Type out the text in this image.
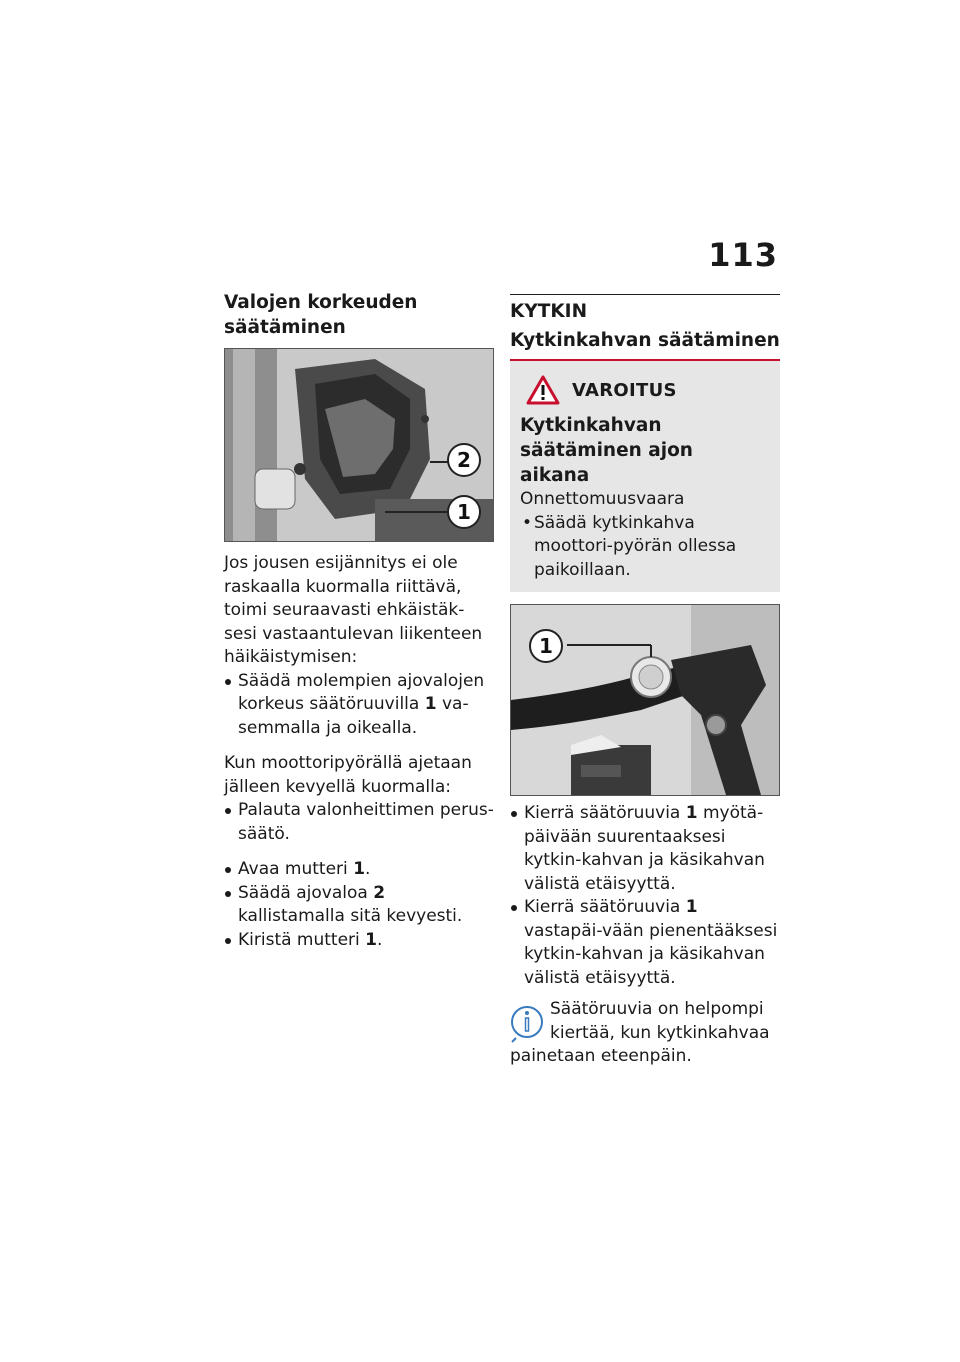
113
Valojen korkeuden säätäminen
2
1

Jos jousen esijännitys ei ole raskaalla kuormalla riittävä, toimi seuraavasti ehkäistäk-sesi vastaantulevan liikenteen häikäistymisen:

Säädä molempien ajovalojen korkeus säätöruuvilla 1 va-semmalla ja oikealla.

Kun moottoripyörällä ajetaan jälleen kevyellä kuormalla:

Palauta valonheittimen perus-säätö.
Avaa mutteri 1.
Säädä ajovaloa 2 kallistamalla sitä kevyesti.
Kiristä mutteri 1.
KYTKIN
Kytkinkahvan säätäminen
VAROITUS
Kytkinkahvan säätäminen ajon aikana

Onnettomuusvaara

• Säädä kytkinkahva moottori-pyörän ollessa paikoillaan.
1
Kierrä säätöruuvia 1 myötä-päivään suurentaaksesi kytkin-kahvan ja käsikahvan välistä etäisyyttä.
Kierrä säätöruuvia 1 vastapäi-vään pienentääksesi kytkin-kahvan ja käsikahvan välistä etäisyyttä.

Säätöruuvia on helpompi kiertää, kun kytkinkahvaa

painetaan eteenpäin.
